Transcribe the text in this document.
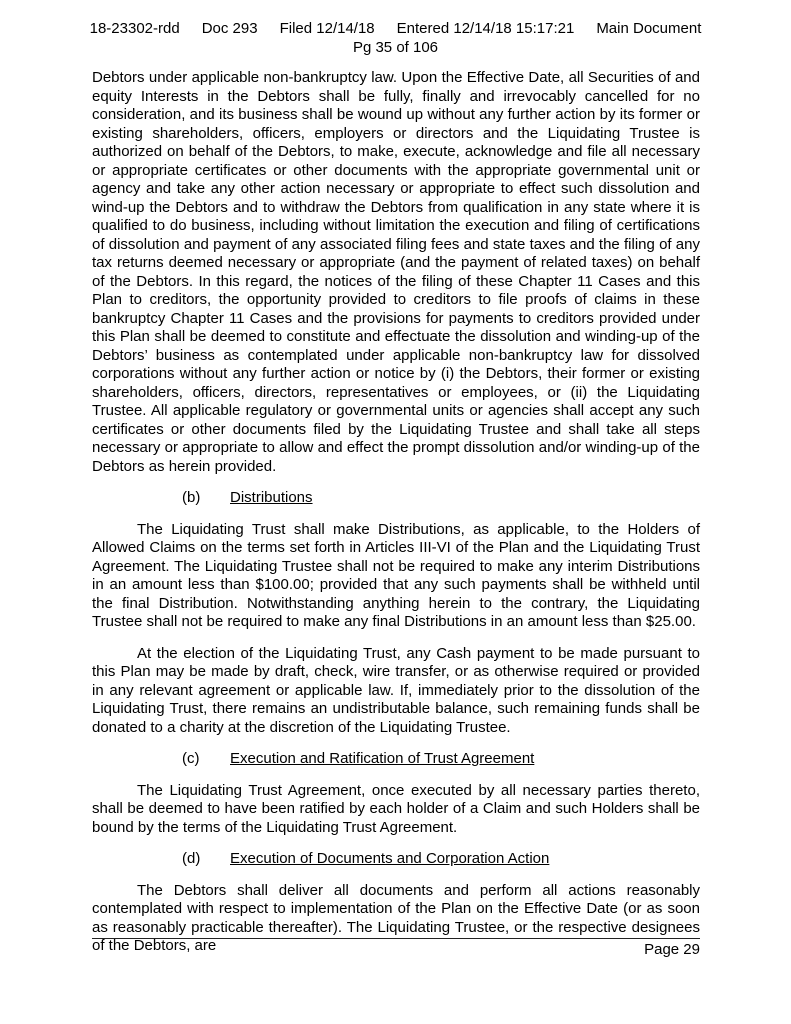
18-23302-rdd Doc 293 Filed 12/14/18 Entered 12/14/18 15:17:21 Main Document
Pg 35 of 106

Debtors under applicable non-bankruptcy law. Upon the Effective Date, all Securities of and equity Interests in the Debtors shall be fully, finally and irrevocably cancelled for no consideration, and its business shall be wound up without any further action by its former or existing shareholders, officers, employers or directors and the Liquidating Trustee is authorized on behalf of the Debtors, to make, execute, acknowledge and file all necessary or appropriate certificates or other documents with the appropriate governmental unit or agency and take any other action necessary or appropriate to effect such dissolution and wind-up the Debtors and to withdraw the Debtors from qualification in any state where it is qualified to do business, including without limitation the execution and filing of certifications of dissolution and payment of any associated filing fees and state taxes and the filing of any tax returns deemed necessary or appropriate (and the payment of related taxes) on behalf of the Debtors. In this regard, the notices of the filing of these Chapter 11 Cases and this Plan to creditors, the opportunity provided to creditors to file proofs of claims in these bankruptcy Chapter 11 Cases and the provisions for payments to creditors provided under this Plan shall be deemed to constitute and effectuate the dissolution and winding-up of the Debtors’ business as contemplated under applicable non-bankruptcy law for dissolved corporations without any further action or notice by (i) the Debtors, their former or existing shareholders, officers, directors, representatives or employees, or (ii) the Liquidating Trustee. All applicable regulatory or governmental units or agencies shall accept any such certificates or other documents filed by the Liquidating Trustee and shall take all steps necessary or appropriate to allow and effect the prompt dissolution and/or winding-up of the Debtors as herein provided.

(b) Distributions

The Liquidating Trust shall make Distributions, as applicable, to the Holders of Allowed Claims on the terms set forth in Articles III-VI of the Plan and the Liquidating Trust Agreement. The Liquidating Trustee shall not be required to make any interim Distributions in an amount less than $100.00; provided that any such payments shall be withheld until the final Distribution. Notwithstanding anything herein to the contrary, the Liquidating Trustee shall not be required to make any final Distributions in an amount less than $25.00.

At the election of the Liquidating Trust, any Cash payment to be made pursuant to this Plan may be made by draft, check, wire transfer, or as otherwise required or provided in any relevant agreement or applicable law. If, immediately prior to the dissolution of the Liquidating Trust, there remains an undistributable balance, such remaining funds shall be donated to a charity at the discretion of the Liquidating Trustee.

(c) Execution and Ratification of Trust Agreement

The Liquidating Trust Agreement, once executed by all necessary parties thereto, shall be deemed to have been ratified by each holder of a Claim and such Holders shall be bound by the terms of the Liquidating Trust Agreement.

(d) Execution of Documents and Corporation Action

The Debtors shall deliver all documents and perform all actions reasonably contemplated with respect to implementation of the Plan on the Effective Date (or as soon as reasonably practicable thereafter). The Liquidating Trustee, or the respective designees of the Debtors, are	Page 29
